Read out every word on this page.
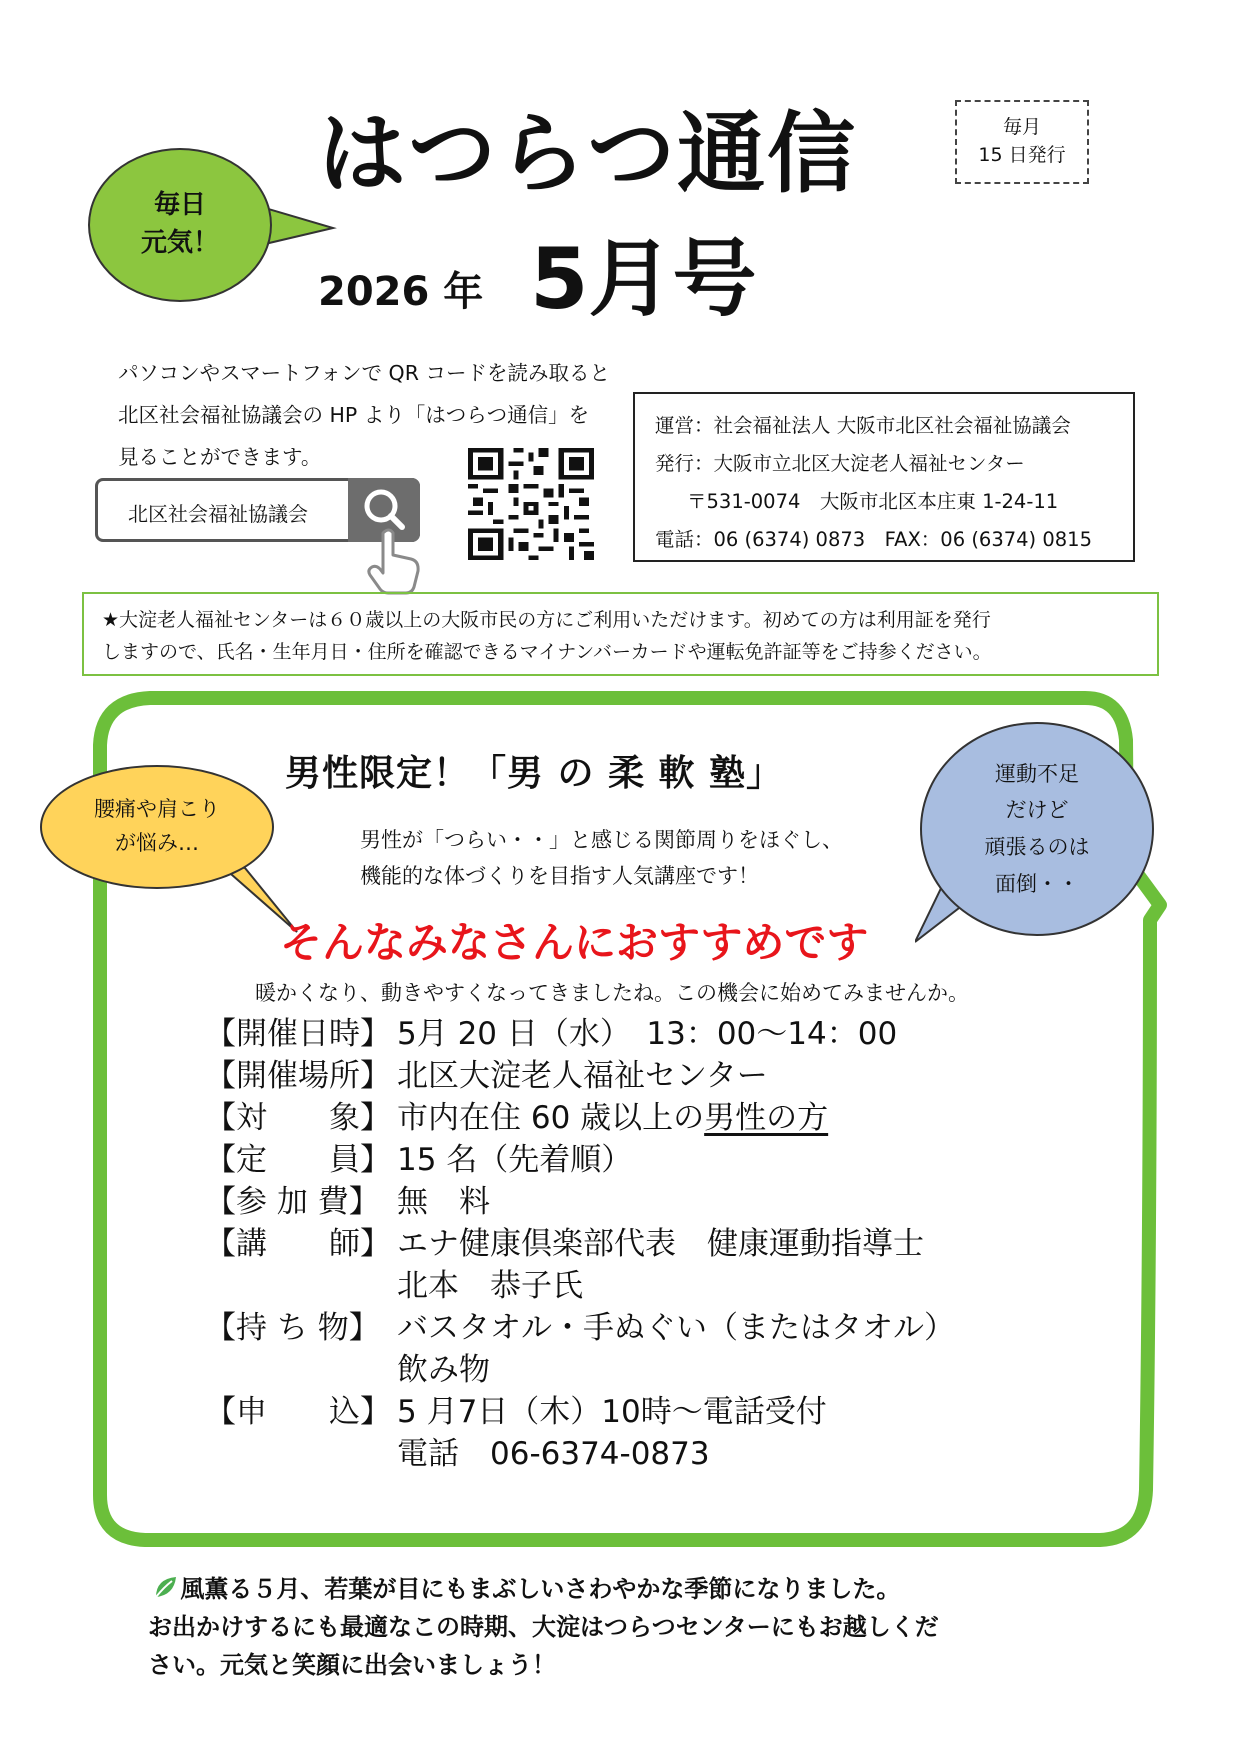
毎日
元気！
はつらつ通信
2026 年 5月号
毎月
15 日発行
パソコンやスマートフォンで QR コードを読み取ると
北区社会福祉協議会の HP より「はつらつ通信」を
見ることができます。
北区社会福祉協議会
運営：社会福祉法人 大阪市北区社会福祉協議会
発行：大阪市立北区大淀老人福祉センター
〒531-0074　大阪市北区本庄東 1-24-11
電話：06 (6374) 0873　FAX：06 (6374) 0815
★大淀老人福祉センターは６０歳以上の大阪市民の方にご利用いただけます。初めての方は利用証を発行
しますので、氏名・生年月日・住所を確認できるマイナンバーカードや運転免許証等をご持参ください。
男性限定！「男 の 柔 軟 塾」
腰痛や肩こり
が悩み…
運動不足
だけど
頑張るのは
面倒・・
男性が「つらい・・」と感じる関節周りをほぐし、
機能的な体づくりを目指す人気講座です！
そんなみなさんにおすすめです
暖かくなり、動きやすくなってきましたね。この機会に始めてみませんか。
【開催日時】 5月 20 日（水）　13：00～14：00
【開催場所】 北区大淀老人福祉センター
【対　　象】 市内在住 60 歳以上の男性の方
【定　　員】 15 名（先着順）
【参 加 費】 無　料
【講　　師】 エナ健康倶楽部代表　健康運動指導士
北本　恭子氏
【持 ち 物】 バスタオル・手ぬぐい（またはタオル）
飲み物
【申　　込】 5 月7日（木）10時～電話受付
電話　06-6374-0873
　 風薫る５月、若葉が目にもまぶしいさわやかな季節になりました。
お出かけするにも最適なこの時期、大淀はつらつセンターにもお越しくだ
さい。元気と笑顔に出会いましょう！
